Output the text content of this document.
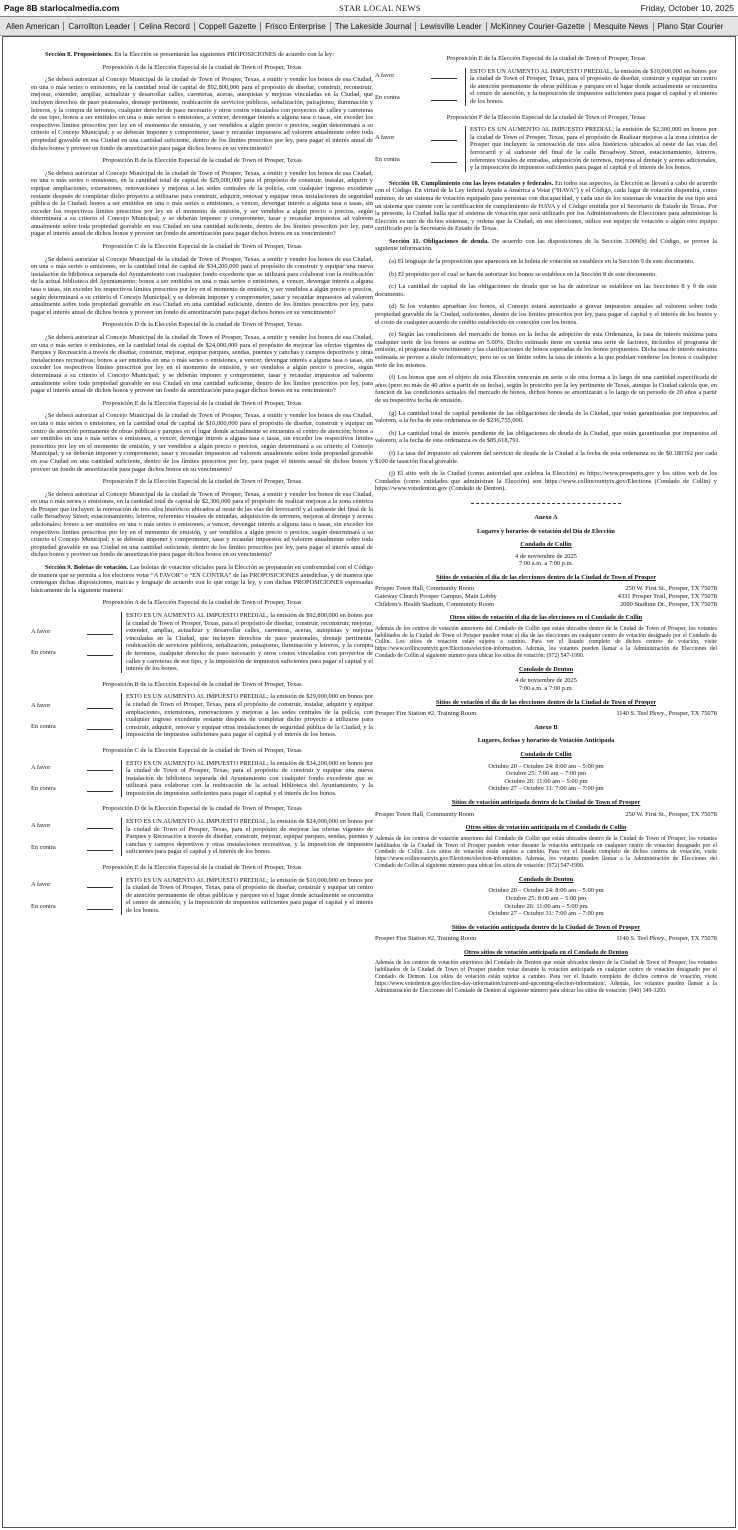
Page 8B starlocalmedia.com	STAR LOCAL NEWS	Friday, October 10, 2025
Allen American	Carrollton Leader	Celina Record	Coppell Gazette	Frisco Enterprise	The Lakeside Journal	Lewisville Leader	McKinney Courier-Gazette	Mesquite News	Plano Star Courier

Sección 8. Proposiciones. En la Elección se presentarán las siguientes PROPOSICIONES de acuerdo con la ley:

Proposición A de la Elección Especial de la ciudad de Town of Prosper, Texas

¿Se deberá autorizar al Concejo Municipal de la ciudad de Town of Prosper, Texas, a emitir y vender los bonos de esa Ciudad, en una o más series o emisiones, en la cantidad total de capital de $92,800,000 para el propósito de diseñar, construir, reconstruir, mejorar, extender, ampliar, actualizar y desarrollar calles, carreteras, aceras, autopistas y mejoras vinculadas en la Ciudad, que incluyen derechos de paso peatonales, drenaje pertinente, reubicación de servicios públicos, señalización, paisajismo, iluminación y letreros, y la compra de terrenos, cualquier derecho de paso necesario y otros costos vinculados con proyectos de calles y carreteras de ese tipo; bonos a ser emitidos en una o más series o emisiones, a vencer, devengar interés a alguna tasa o tasas, sin exceder los respectivos límites prescritos por ley en el momento de emisión, y ser vendidos a algún precio o precios, según determinará a su criterio el Concejo Municipal; y se deberán imponer y comprometer, tasar y recaudar impuestos ad valorem anualmente sobre toda propiedad gravable en esa Ciudad en una cantidad suficiente, dentro de los límites prescritos por ley, para pagar el interés anual de dichos bonos y proveer un fondo de amortización para pagar dichos bonos en su vencimiento?

Proposición B de la Elección Especial de la ciudad de Town of Prosper, Texas

¿Se deberá autorizar al Concejo Municipal de la ciudad de Town of Prosper, Texas, a emitir y vender los bonos de esa Ciudad, en una o más series o emisiones, en la cantidad total de capital de $29,000,000 para el propósito de construir, instalar, adquirir y equipar ampliaciones, extensiones, renovaciones y mejoras a las sedes centrales de la policía, con cualquier ingreso excedente restante después de completar dicho proyecto a utilizarse para construir, adquirir, renovar y equipar otras instalaciones de seguridad pública de la Ciudad; bonos a ser emitidos en una o más series o emisiones, a vencer, devengar interés a alguna tasa o tasas, sin exceder los respectivos límites prescritos por ley en el momento de emisión, y ser vendidos a algún precio o precios, según determinará a su criterio el Concejo Municipal; y se deberán imponer y comprometer, tasar y recaudar impuestos ad valorem anualmente sobre toda propiedad gravable en esa Ciudad en una cantidad suficiente, dentro de los límites prescritos por ley, para pagar el interés anual de dichos bonos y proveer un fondo de amortización para pagar dichos bonos en su vencimiento?

Proposición C de la Elección Especial de la ciudad de Town of Prosper, Texas

¿Se deberá autorizar al Concejo Municipal de la ciudad de Town of Prosper, Texas, a emitir y vender los bonos de esa Ciudad, en una o más series o emisiones, en la cantidad total de capital de $34,200,000 para el propósito de construir y equipar una nueva instalación de biblioteca separada del Ayuntamiento con cualquier fondo excedente que se utilizará para colaborar con la reubicación de la actual biblioteca del Ayuntamiento; bonos a ser emitidos en una o más series o emisiones, a vencer, devengar interés a alguna tasa o tasas, sin exceder los respectivos límites prescritos por ley en el momento de emisión, y ser vendidos a algún precio o precios, según determinará a su criterio el Concejo Municipal; y se deberán imponer y comprometer, tasar y recaudar impuestos ad valorem anualmente sobre toda propiedad gravable en esa Ciudad en una cantidad suficiente, dentro de los límites prescritos por ley, para pagar el interés anual de dichos bonos y proveer un fondo de amortización para pagar dichos bonos en su vencimiento?

Proposición D de la Elección Especial de la ciudad de Town of Prosper, Texas

¿Se deberá autorizar al Concejo Municipal de la ciudad de Town of Prosper, Texas, a emitir y vender los bonos de esa Ciudad, en una o más series o emisiones, en la cantidad total de capital de $24,000,000 para el propósito de mejorar las ofertas vigentes de Parques y Recreación a través de diseñar, construir, mejorar, equipar parques, sendas, puentes y canchas y campos deportivos y otras instalaciones recreativas; bonos a ser emitidos en una o más series o emisiones, a vencer, devengar interés a alguna tasa o tasas, sin exceder los respectivos límites prescritos por ley en el momento de emisión, y ser vendidos a algún precio o precios, según determinará a su criterio el Concejo Municipal; y se deberán imponer y comprometer, tasar y recaudar impuestos ad valorem anualmente sobre toda propiedad gravable en esa Ciudad en una cantidad suficiente, dentro de los límites prescritos por ley, para pagar el interés anual de dichos bonos y proveer un fondo de amortización para pagar dichos bonos en su vencimiento?

Proposición E de la Elección Especial de la ciudad de Town of Prosper, Texas

¿Se deberá autorizar al Concejo Municipal de la ciudad de Town of Prosper, Texas, a emitir y vender los bonos de esa Ciudad, en una o más series o emisiones, en la cantidad total de capital de $10,000,000 para el propósito de diseñar, construir y equipar un centro de atención permanente de obras públicas y parques en el lugar donde actualmente se encuentra el centro de atención; bonos a ser emitidos en una o más series o emisiones, a vencer, devengar interés a alguna tasa o tasas, sin exceder los respectivos límites prescritos por ley en el momento de emisión, y ser vendidos a algún precio o precios, según determinará a su criterio el Concejo Municipal; y se deberán imponer y comprometer, tasar y recaudar impuestos ad valorem anualmente sobre toda propiedad gravable en esa Ciudad en una cantidad suficiente, dentro de los límites prescritos por ley, para pagar el interés anual de dichos bonos y proveer un fondo de amortización para pagar dichos bonos en su vencimiento?

Proposición F de la Elección Especial de la ciudad de Town of Prosper, Texas

¿Se deberá autorizar al Concejo Municipal de la ciudad de Town of Prosper, Texas, a emitir y vender los bonos de esa Ciudad, en una o más series o emisiones, en la cantidad total de capital de $2,300,000 para el propósito de realizar mejoras a la zona céntrica de Prosper que incluyen: la renovación de tres silos históricos ubicados al oeste de las vías del ferrocarril y al sudoeste del final de la calle Broadway Street; estacionamiento, letreros, referentes visuales de entradas, adquisición de terrenos, mejoras al drenaje y aceras adicionales; bonos a ser emitidos en una o más series o emisiones, a vencer, devengar interés a alguna tasa o tasas, sin exceder los respectivos límites prescritos por ley en el momento de emisión, y ser vendidos a algún precio o precios, según determinará a su criterio el Concejo Municipal; y se deberán imponer y comprometer, tasar y recaudar impuestos ad valorem anualmente sobre toda propiedad gravable en esa Ciudad en una cantidad suficiente, dentro de los límites prescritos por ley, para pagar el interés anual de dichos bonos y proveer un fondo de amortización para pagar dichos bonos en su vencimiento?

Sección 9. Boletas de votación. Las boletas de votación oficiales para la Elección se prepararán en conformidad con el Código de manera que se permita a los electores votar “A FAVOR” o “EN CONTRA” de las PROPOSICIONES antedichas, y de manera que contengan dichas disposiciones, marcas y lenguaje de acuerdo con lo que exige la ley, y con dichas PROPOSICIONES expresadas básicamente de la siguiente manera:

Proposición A de la Elección Especial de la ciudad de Town of Prosper, Texas

A favor
En contra
ESTO ES UN AUMENTO AL IMPUESTO PREDIAL; la emisión de $92,800,000 en bonos por la ciudad de Town of Prosper, Texas, para el propósito de diseñar, construir, reconstruir, mejorar, extender, ampliar, actualizar y desarrollar calles, carreteras, aceras, autopistas y mejoras vinculadas en la Ciudad, que incluyen derechos de paso peatonales, drenaje pertinente, reubicación de servicios públicos, señalización, paisajismo, iluminación y letreros, y la compra de terrenos, cualquier derecho de paso necesario y otros costos vinculados con proyectos de calles y carreteras de ese tipo, y la imposición de impuestos suficientes para pagar el capital y el interés de los bonos.

Proposición B de la Elección Especial de la ciudad de Town of Prosper, Texas

A favor
En contra
ESTO ES UN AUMENTO AL IMPUESTO PREDIAL; la emisión de $29,000,000 en bonos por la ciudad de Town of Prosper, Texas, para el propósito de construir, instalar, adquirir y equipar ampliaciones, extensiones, renovaciones y mejoras a las sedes centrales de la policía, con cualquier ingreso excedente restante después de completar dicho proyecto a utilizarse para construir, adquirir, renovar y equipar otras instalaciones de seguridad pública de la Ciudad, y la imposición de impuestos suficientes para pagar el capital y el interés de los bonos.

Proposición C de la Elección Especial de la ciudad de Town of Prosper, Texas

A favor
En contra
ESTO ES UN AUMENTO AL IMPUESTO PREDIAL; la emisión de $34,200,000 en bonos por la ciudad de Town of Prosper, Texas, para el propósito de construir y equipar una nueva instalación de biblioteca separada del Ayuntamiento con cualquier fondo excedente que se utilizará para colaborar con la reubicación de la actual biblioteca del Ayuntamiento, y la imposición de impuestos suficientes para pagar el capital y el interés de los bonos.

Proposición D de la Elección Especial de la ciudad de Town of Prosper, Texas

A favor
En contra
ESTO ES UN AUMENTO AL IMPUESTO PREDIAL; la emisión de $24,000,000 en bonos por la ciudad de Town of Prosper, Texas, para el propósito de mejorar las ofertas vigentes de Parques y Recreación a través de diseñar, construir, mejorar, equipar parques, sendas, puentes y canchas y campos deportivos y otras instalaciones recreativas, y la imposición de impuestos suficientes para pagar el capital y el interés de los bonos.

Proposición E de la Elección Especial de la ciudad de Town of Prosper, Texas

A favor
En contra
ESTO ES UN AUMENTO AL IMPUESTO PREDIAL; la emisión de $10,000,000 en bonos por la ciudad de Town of Prosper, Texas, para el propósito de diseñar, construir y equipar un centro de atención permanente de obras públicas y parques en el lugar donde actualmente se encuentra el centro de atención, y la imposición de impuestos suficientes para pagar el capital y el interés de los bonos.

Proposición E de la Elección Especial de la ciudad de Town of Prosper, Texas

A favor
En contra
ESTO ES UN AUMENTO AL IMPUESTO PREDIAL; la emisión de $10,000,000 en bonos por la ciudad de Town of Prosper, Texas, para el propósito de diseñar, construir y equipar un centro de atención permanente de obras públicas y parques en el lugar donde actualmente se encuentra el centro de atención, y la imposición de impuestos suficientes para pagar el capital y el interés de los bonos.

Proposición F de la Elección Especial de la ciudad de Town of Prosper, Texas

A favor
En contra
ESTO ES UN AUMENTO AL IMPUESTO PREDIAL; la emisión de $2,300,000 en bonos por la ciudad de Town of Prosper, Texas, para el propósito de Realizar mejoras a la zona céntrica de Prosper que incluyen: la renovación de tres silos históricos ubicados al oeste de las vías del ferrocarril y al sudoeste del final de la calle Broadway Street, estacionamiento, letreros, referentes visuales de entradas, adquisición de terrenos, mejoras al drenaje y aceras adicionales, y la imposición de impuestos suficientes para pagar el capital y el interés de los bonos.

Sección 10. Cumplimiento con las leyes estatales y federales. En todos sus aspectos, la Elección se llevará a cabo de acuerdo con el Código. En virtud de la Ley federal Ayude a América a Votar (“HAVA”) y el Código, cada lugar de votación dispondrá, como mínimo, de un sistema de votación equipado para personas con discapacidad, y cada uno de los sistemas de votación de ese tipo será un sistema que cuente con la certificación de cumplimiento de HAVA y el Código emitida por el Secretario de Estado de Texas. Por la presente, la Ciudad halla que el sistema de votación que será utilizado por los Administradores de Elecciones para administrar la Elección es uno de dichos sistemas, y ordena que la Ciudad, en sus elecciones, utilice ese equipo de votación o algún otro equipo certificado por la Secretaría de Estado de Texas.

Sección 11. Obligaciones de deuda. De acuerdo con las disposiciones de la Sección 3.009(b) del Código, se provee la siguiente información.

(a) El lenguaje de la proposición que aparecerá en la boleta de votación se establece en la Sección 9 de este documento.

(b) El propósito por el cual se han de autorizar los bonos se establece en la Sección 8 de este documento.

(c) La cantidad de capital de las obligaciones de deuda que se ha de autorizar se establece en las Secciones 8 y 9 de este documento.

(d) Si los votantes aprueban los bonos, el Consejo estará autorizado a gravar impuestos anuales ad valorem sobre toda propiedad gravable de la Ciudad, suficientes, dentro de los límites prescritos por ley, para pagar el capital y el interés de los bonos y el costo de cualquier acuerdo de crédito establecido en conexión con los bonos.

(e) Según las condiciones del mercado de bonos en la fecha de adopción de esta Ordenanza, la tasa de interés máxima para cualquier serie de los bonos se estima en 5.00%. Dicho estimado tiene en cuenta una serie de factores, incluidos el programa de emisión, el programa de vencimiento y las clasificaciones de bonos esperadas de los bonos propuestos. Dicha tasa de interés máxima estimada se provee a título informativo, pero no es un límite sobre la tasa de interés a la que podrían venderse los bonos o cualquier serie de los mismos.

(f) Los bonos que son el objeto de esta Elección vencerán en serie o de otra forma a lo largo de una cantidad especificada de años (pero no más de 40 años a partir de su fecha), según lo prescrito por la ley pertinente de Texas, aunque la Ciudad calcula que, en función de las condiciones actuales del mercado de bonos, dichos bonos se amortizarán a lo largo de un periodo de 20 años a partir de su respectiva fecha de emisión.

(g) La cantidad total de capital pendiente de las obligaciones de deuda de la Ciudad, que están garantizadas por impuestos ad valorem, a la fecha de esta ordenanza es de $236,755,000.

(h) La cantidad total de interés pendiente de las obligaciones de deuda de la Ciudad, que están garantizadas por impuestos ad valorem, a la fecha de esta ordenanza es de $85,618,791.

(i) La tasa del impuesto ad valorem del servicio de deuda de la Ciudad a la fecha de esta ordenanza es de $0.180392 por cada $100 de tasación fiscal gravable.

(j) El sitio web de la Ciudad (como autoridad que celebra la Elección) es https://www.prosperts.gov y los sitios web de los Condados (como entidades que administran la Elección) son https://www.collincountytx.gov/Elections (Condado de Collin) y https://www.votedenton.gov (Condado de Denton).

Anexo A
Lugares y horarios de votación del Día de Elección
Condado de Collin
4 de noviembre de 2025
7:00 a.m. a 7:00 p.m.
Sitios de votación el día de las elecciones dentro de la Ciudad de Town of Prosper
Prosper Town Hall, Community Room	250 W. First St., Prosper, TX 75078
Gateway Church Prosper Campus, Main Lobby	4331 Prosper Trail, Prosper, TX 75078
Children’s Health Stadium, Community Room	2000 Stadium Dr., Prosper, TX 75078
Otros sitios de votación el día de las elecciones en el Condado de Collin

Además de los centros de votación anteriores del Condado de Collin que están ubicados dentro de la Ciudad de Town of Prosper, los votantes habilitados de la Ciudad de Town of Prosper pueden votar el día de las elecciones en cualquier centro de votación designado por el Condado de Collin. Los sitios de votación están sujetos a cambio. Para ver el listado completo de dichos centros de votación, visite https://www.collincountytx.gov/Elections/election-information. Además, los votantes pueden llamar a la Administración de Elecciones del Condado de Collin al siguiente número para ubicar los sitios de votación: (972) 547-1990.

Condado de Denton
4 de noviembre de 2025
7:00 a.m. a 7:00 p.m.
Sitios de votación el día de las elecciones dentro de la Ciudad de Town of Prosper
Prosper Fire Station #2, Training Room	1140 S. Teel Pkwy., Prosper, TX 75078
Anexo B
Lugares, fechas y horarios de Votación Anticipada
Condado de Collin
Octubre 20 – Octubre 24: 8:00 am – 5:00 pm
Octubre 25: 7:00 am – 7:00 pm
Octubre 26: 11:00 am – 5:00 pm
Octubre 27 – Octubre 31: 7:00 am – 7:00 pm
Sitios de votación anticipada dentro de la Ciudad de Town of Prosper
Prosper Town Hall, Community Room	250 W. First St., Prosper, TX 75078
Otros sitios de votación anticipada en el Condado de Collin

Además de los centros de votación anteriores del Condado de Collin que están ubicados dentro de la Ciudad de Town of Prosper, los votantes habilitados de la Ciudad de Town of Prosper pueden votar durante la votación anticipada en cualquier centro de votación designado por el Condado de Collin. Los sitios de votación están sujetos a cambio. Para ver el listado completo de dichos centros de votación, visite https://www.collincountytx.gov/Elections/election-information. Además, los votantes pueden llamar a la Administración de Elecciones del Condado de Collin al siguiente número para ubicar los sitios de votación: (972) 547-1990.

Condado de Denton
Octubre 20 – Octubre 24: 8:00 am – 5:00 pm
Octubre 25: 8:00 am – 5:00 pm
Octubre 26: 11:00 am – 5:00 pm
Octubre 27 – Octubre 31: 7:00 am – 7:00 pm
Sitios de votación anticipada dentro de la Ciudad de Town of Prosper
Prosper Fire Station #2, Training Room	1140 S. Teel Pkwy., Prosper, TX 75078
Otros sitios de votación anticipada en el Condado de Denton

Además de los centros de votación anteriores del Condado de Denton que están ubicados dentro de la Ciudad de Town of Prosper, los votantes habilitados de la Ciudad de Town of Prosper pueden votar durante la votación anticipada en cualquier centro de votación designado por el Condado de Denton. Los sitios de votación están sujetos a cambio. Para ver el listado completo de dichos centros de votación, visite https://www.votedenton.gov/election-day-information/current-and-upcoming-election-information/. Además, los votantes pueden llamar a la Administración de Elecciones del Condado de Denton al siguiente número para ubicar los sitios de votación: (940) 349-3200.
